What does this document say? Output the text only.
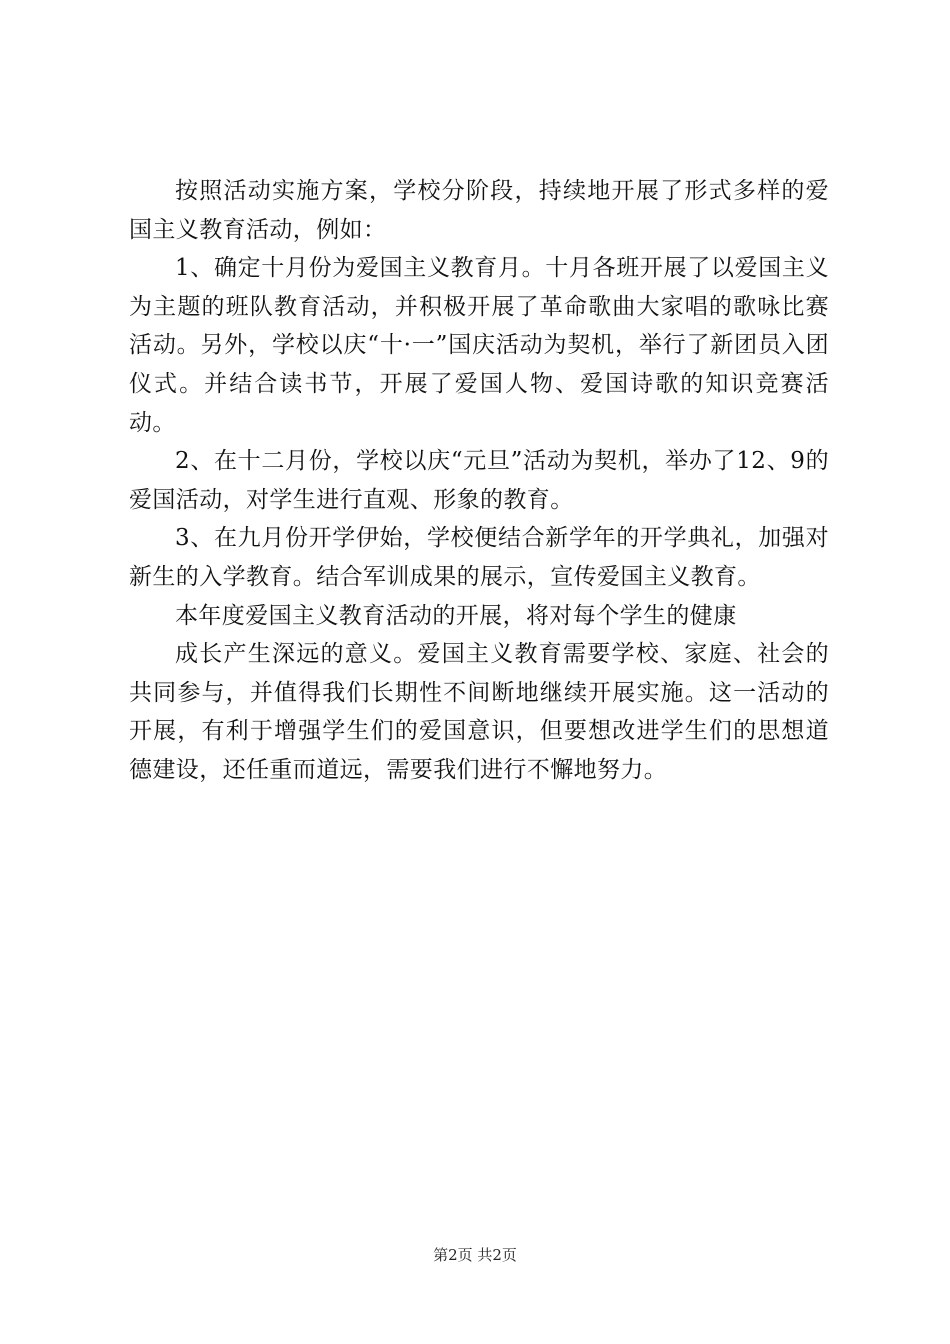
按照活动实施方案，学校分阶段，持续地开展了形式多样的爱国主义教育活动，例如：

1、确定十月份为爱国主义教育月。十月各班开展了以爱国主义为主题的班队教育活动，并积极开展了革命歌曲大家唱的歌咏比赛活动。另外，学校以庆“十·一”国庆活动为契机，举行了新团员入团仪式。并结合读书节，开展了爱国人物、爱国诗歌的知识竞赛活动。

2、在十二月份，学校以庆“元旦”活动为契机，举办了12、9的爱国活动，对学生进行直观、形象的教育。

3、在九月份开学伊始，学校便结合新学年的开学典礼，加强对新生的入学教育。结合军训成果的展示，宣传爱国主义教育。

本年度爱国主义教育活动的开展，将对每个学生的健康

成长产生深远的意义。爱国主义教育需要学校、家庭、社会的共同参与，并值得我们长期性不间断地继续开展实施。这一活动的开展，有利于增强学生们的爱国意识，但要想改进学生们的思想道德建设，还任重而道远，需要我们进行不懈地努力。

第2页 共2页
